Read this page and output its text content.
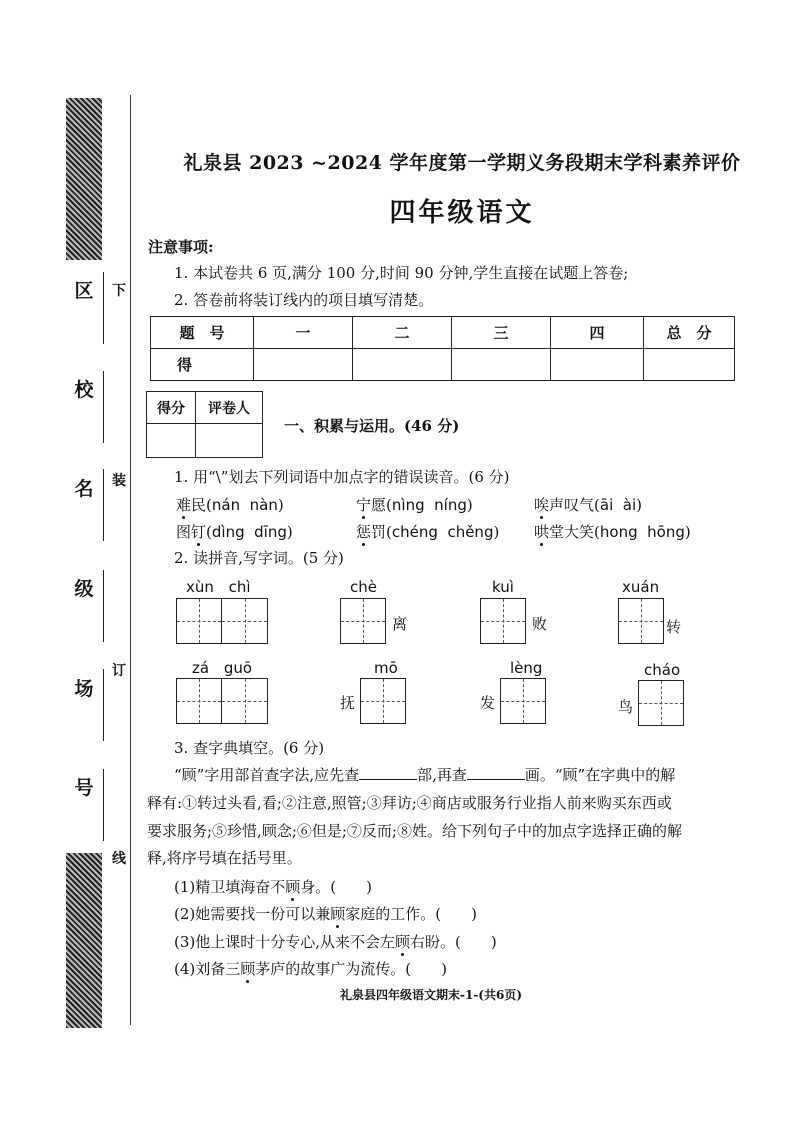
区
校
名
级
场
号
下
装
订
线
礼泉县 2023 ~2024 学年度第一学期义务段期末学科素养评价
四年级语文
注意事项:
1. 本试卷共 6 页,满分 100 分,时间 90 分钟,学生直接在试题上答卷;
2. 答卷前将装订线内的项目填写清楚。
题　号	一	二	三	四	总　分
得					
得分	评卷人

一、积累与运用。(46 分)
1. 用“\”划去下列词语中加点字的错误读音。(6 分)
难民(nán nàn)	宁愿(nìng níng)	唉声叹气(āi ài)
图钉(dìng dīng)	惩罚(chéng chěng) 哄堂大笑(hong hōng)
2. 读拼音,写字词。(5 分)
xùn chì	chè
离
kuì
败
xuán
转
zá guō	mō
抚
lèng
发
cháo
鸟
3. 查字典填空。(6 分)
“顾”字用部首查字法,应先查	部,再查	画。“顾”在字典中的解
释有:①转过头看,看;②注意,照管;③拜访;④商店或服务行业指人前来购买东西或
要求服务;⑤珍惜,顾念;⑥但是;⑦反而;⑧姓。给下列句子中的加点字选择正确的解
释,将序号填在括号里。
(1)精卫填海奋不顾身。(　　)
(2)她需要找一份可以兼顾家庭的工作。(　　)
(3)他上课时十分专心,从来不会左顾右盼。(　　)
(4)刘备三顾茅庐的故事广为流传。(　　)
礼泉县四年级语文期末-1-(共6页)
